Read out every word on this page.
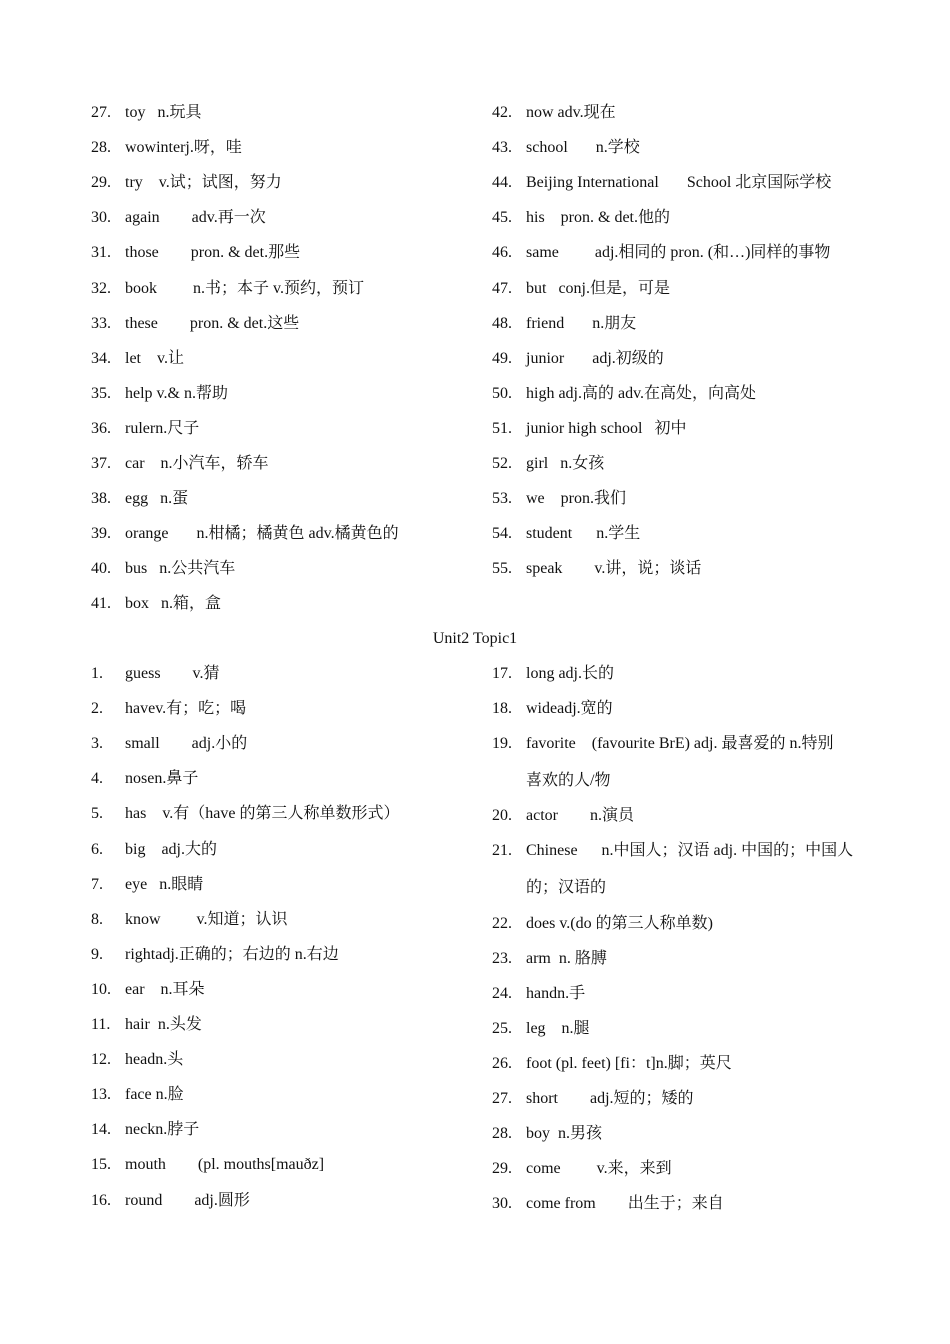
27. toy   n.玩具
28. wowinterj.呀，哇
29. try    v.试；试图，努力
30. again        adv.再一次
31. those        pron. & det.那些
32. book         n.书；本子 v.预约，预订
33. these        pron. & det.这些
34. let    v.让
35. help v.& n.帮助
36. rulern.尺子
37. car    n.小汽车，轿车
38. egg   n.蛋
39. orange       n.柑橘；橘黄色 adv.橘黄色的
40. bus   n.公共汽车
41. box   n.箱，盒
42. now adv.现在
43. school       n.学校
44. Beijing International       School 北京国际学校
45. his    pron. & det.他的
46. same         adj.相同的 pron. (和…)同样的事物
47. but   conj.但是，可是
48. friend       n.朋友
49. junior       adj.初级的
50. high adj.高的 adv.在高处，向高处
51. junior high school   初中
52. girl   n.女孩
53. we    pron.我们
54. student      n.学生
55. speak        v.讲，说；谈话
Unit2 Topic1
1.	guess        v.猜
2.	havev.有；吃；喝
3.	small        adj.小的
4.	nosen.鼻子
5.	has    v.有（have 的第三人称单数形式）
6.	big    adj.大的
7.	eye   n.眼睛
8.	know         v.知道；认识
9.	rightadj.正确的；右边的 n.右边
10. ear    n.耳朵
11. hair  n.头发
12. headn.头
13. face n.脸
14. neckn.脖子
15. mouth        (pl. mouths[mauðz]
16. round        adj.圆形
17. long adj.长的
18. wideadj.宽的
19. favorite    (favourite BrE) adj. 最喜爱的 n.特别
喜欢的人/物
20. actor        n.演员
21. Chinese      n.中国人；汉语 adj. 中国的；中国人
的；汉语的
22. does v.(do 的第三人称单数)
23. arm  n. 胳膊
24. handn.手
25. leg    n.腿
26. foot (pl. feet) [fi：t]n.脚；英尺
27. short        adj.短的；矮的
28. boy  n.男孩
29. come         v.来，来到
30. come from        出生于；来自
